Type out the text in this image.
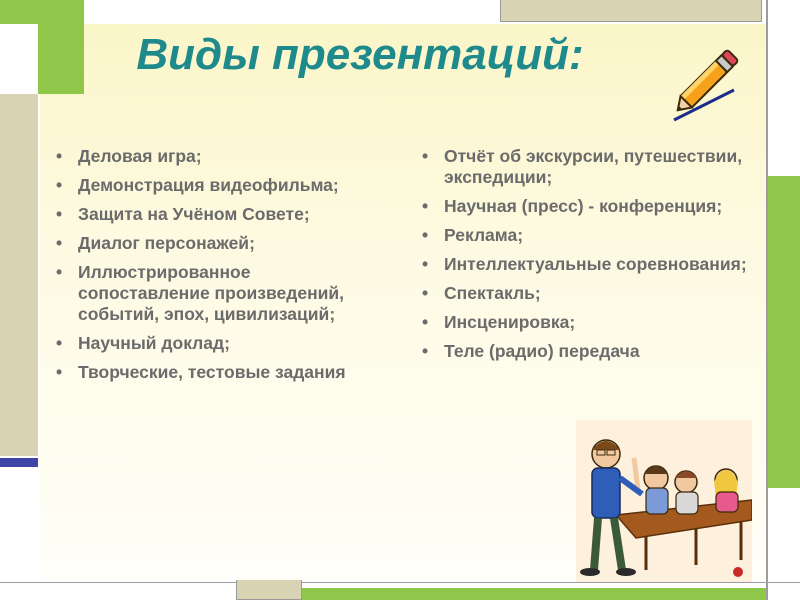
Виды презентаций:
• Деловая игра;
• Демонстрация видеофильма;
• Защита на Учёном Совете;
• Диалог персонажей;
• Иллюстрированное сопоставление произведений, событий, эпох, цивилизаций;
• Научный доклад;
• Творческие, тестовые задания
• Отчёт об экскурсии, путешествии, экспедиции;
• Научная (пресс) - конференция;
• Реклама;
• Интеллектуальные соревнования;
• Спектакль;
• Инсценировка;
• Теле (радио) передача
